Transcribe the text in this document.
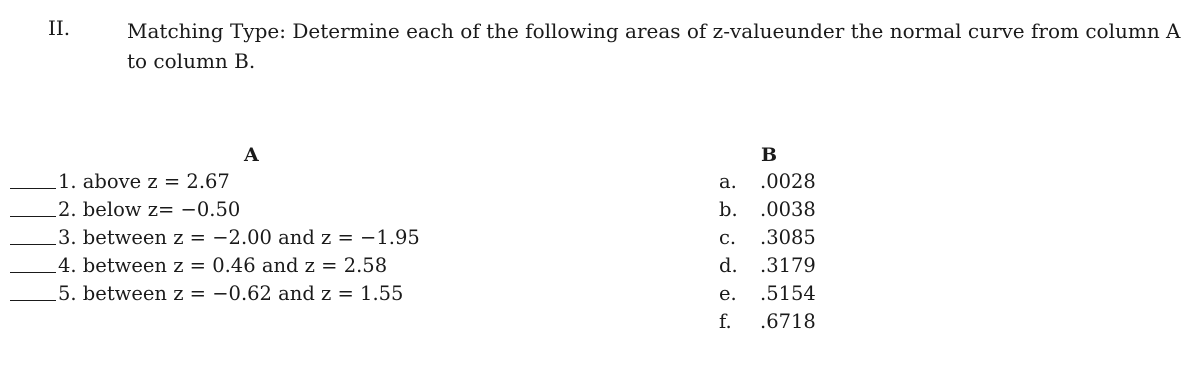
II.	Matching Type: Determine each of the following areas of z-valueunder the normal curve from column A to column B.
A	B
1. above z = 2.67
2. below z= −0.50
3. between z = −2.00 and z = −1.95
4. between z = 0.46 and z = 2.58
5. between z = −0.62 and z = 1.55
a. .0028
b. .0038
c. .3085
d. .3179
e. .5154
f. .6718
